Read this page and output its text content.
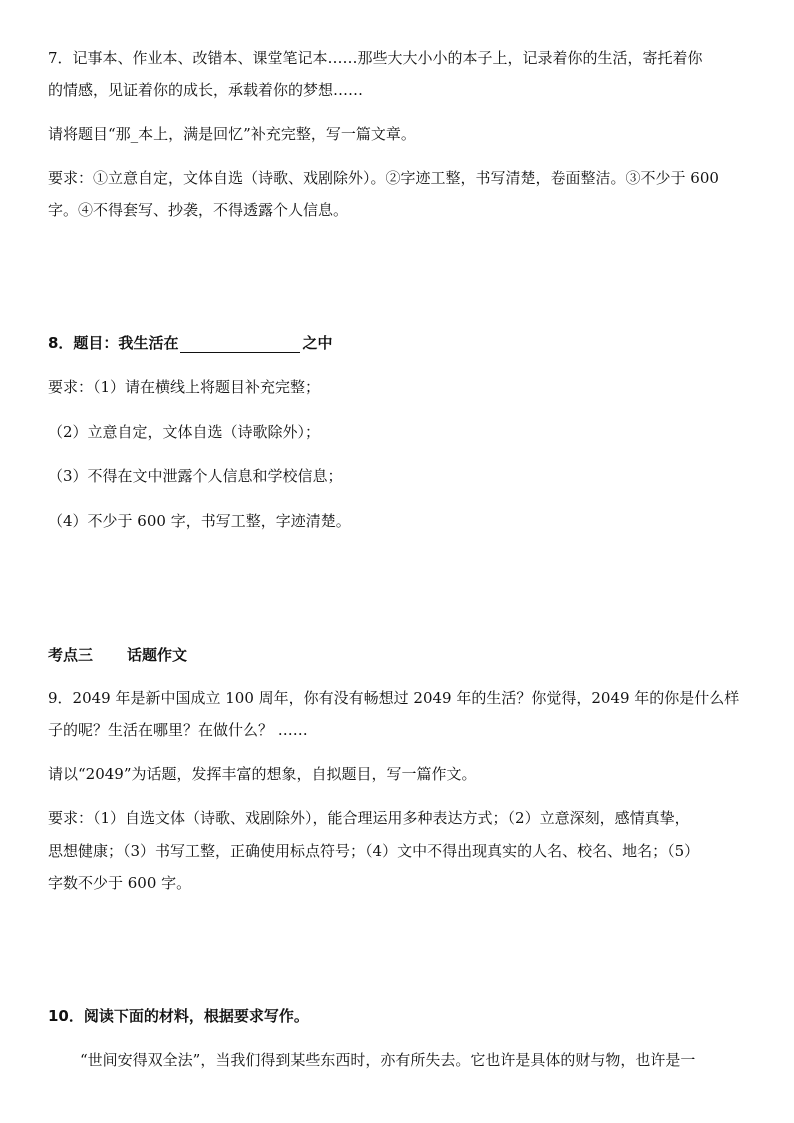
7．记事本、作业本、改错本、课堂笔记本……那些大大小小的本子上，记录着你的生活，寄托着你
的情感，见证着你的成长，承载着你的梦想……
请将题目“那_本上，满是回忆”补充完整，写一篇文章。
要求：①立意自定，文体自选（诗歌、戏剧除外）。②字迹工整，书写清楚，卷面整洁。③不少于 600
字。④不得套写、抄袭，不得透露个人信息。
8．题目：我生活在	之中
要求：（1）请在横线上将题目补充完整；
（2）立意自定，文体自选（诗歌除外）；
（3）不得在文中泄露个人信息和学校信息；
（4）不少于 600 字，书写工整，字迹清楚。
考点三 话题作文
9．2049 年是新中国成立 100 周年，你有没有畅想过 2049 年的生活？你觉得，2049 年的你是什么样
子的呢？生活在哪里？在做什么？ ……
请以“2049”为话题，发挥丰富的想象，自拟题目，写一篇作文。
要求：（1）自选文体（诗歌、戏剧除外），能合理运用多种表达方式；（2）立意深刻，感情真挚，
思想健康；（3）书写工整，正确使用标点符号；（4）文中不得出现真实的人名、校名、地名；（5）
字数不少于 600 字。
10．阅读下面的材料，根据要求写作。
“世间安得双全法”，当我们得到某些东西时，亦有所失去。它也许是具体的财与物，也许是一
